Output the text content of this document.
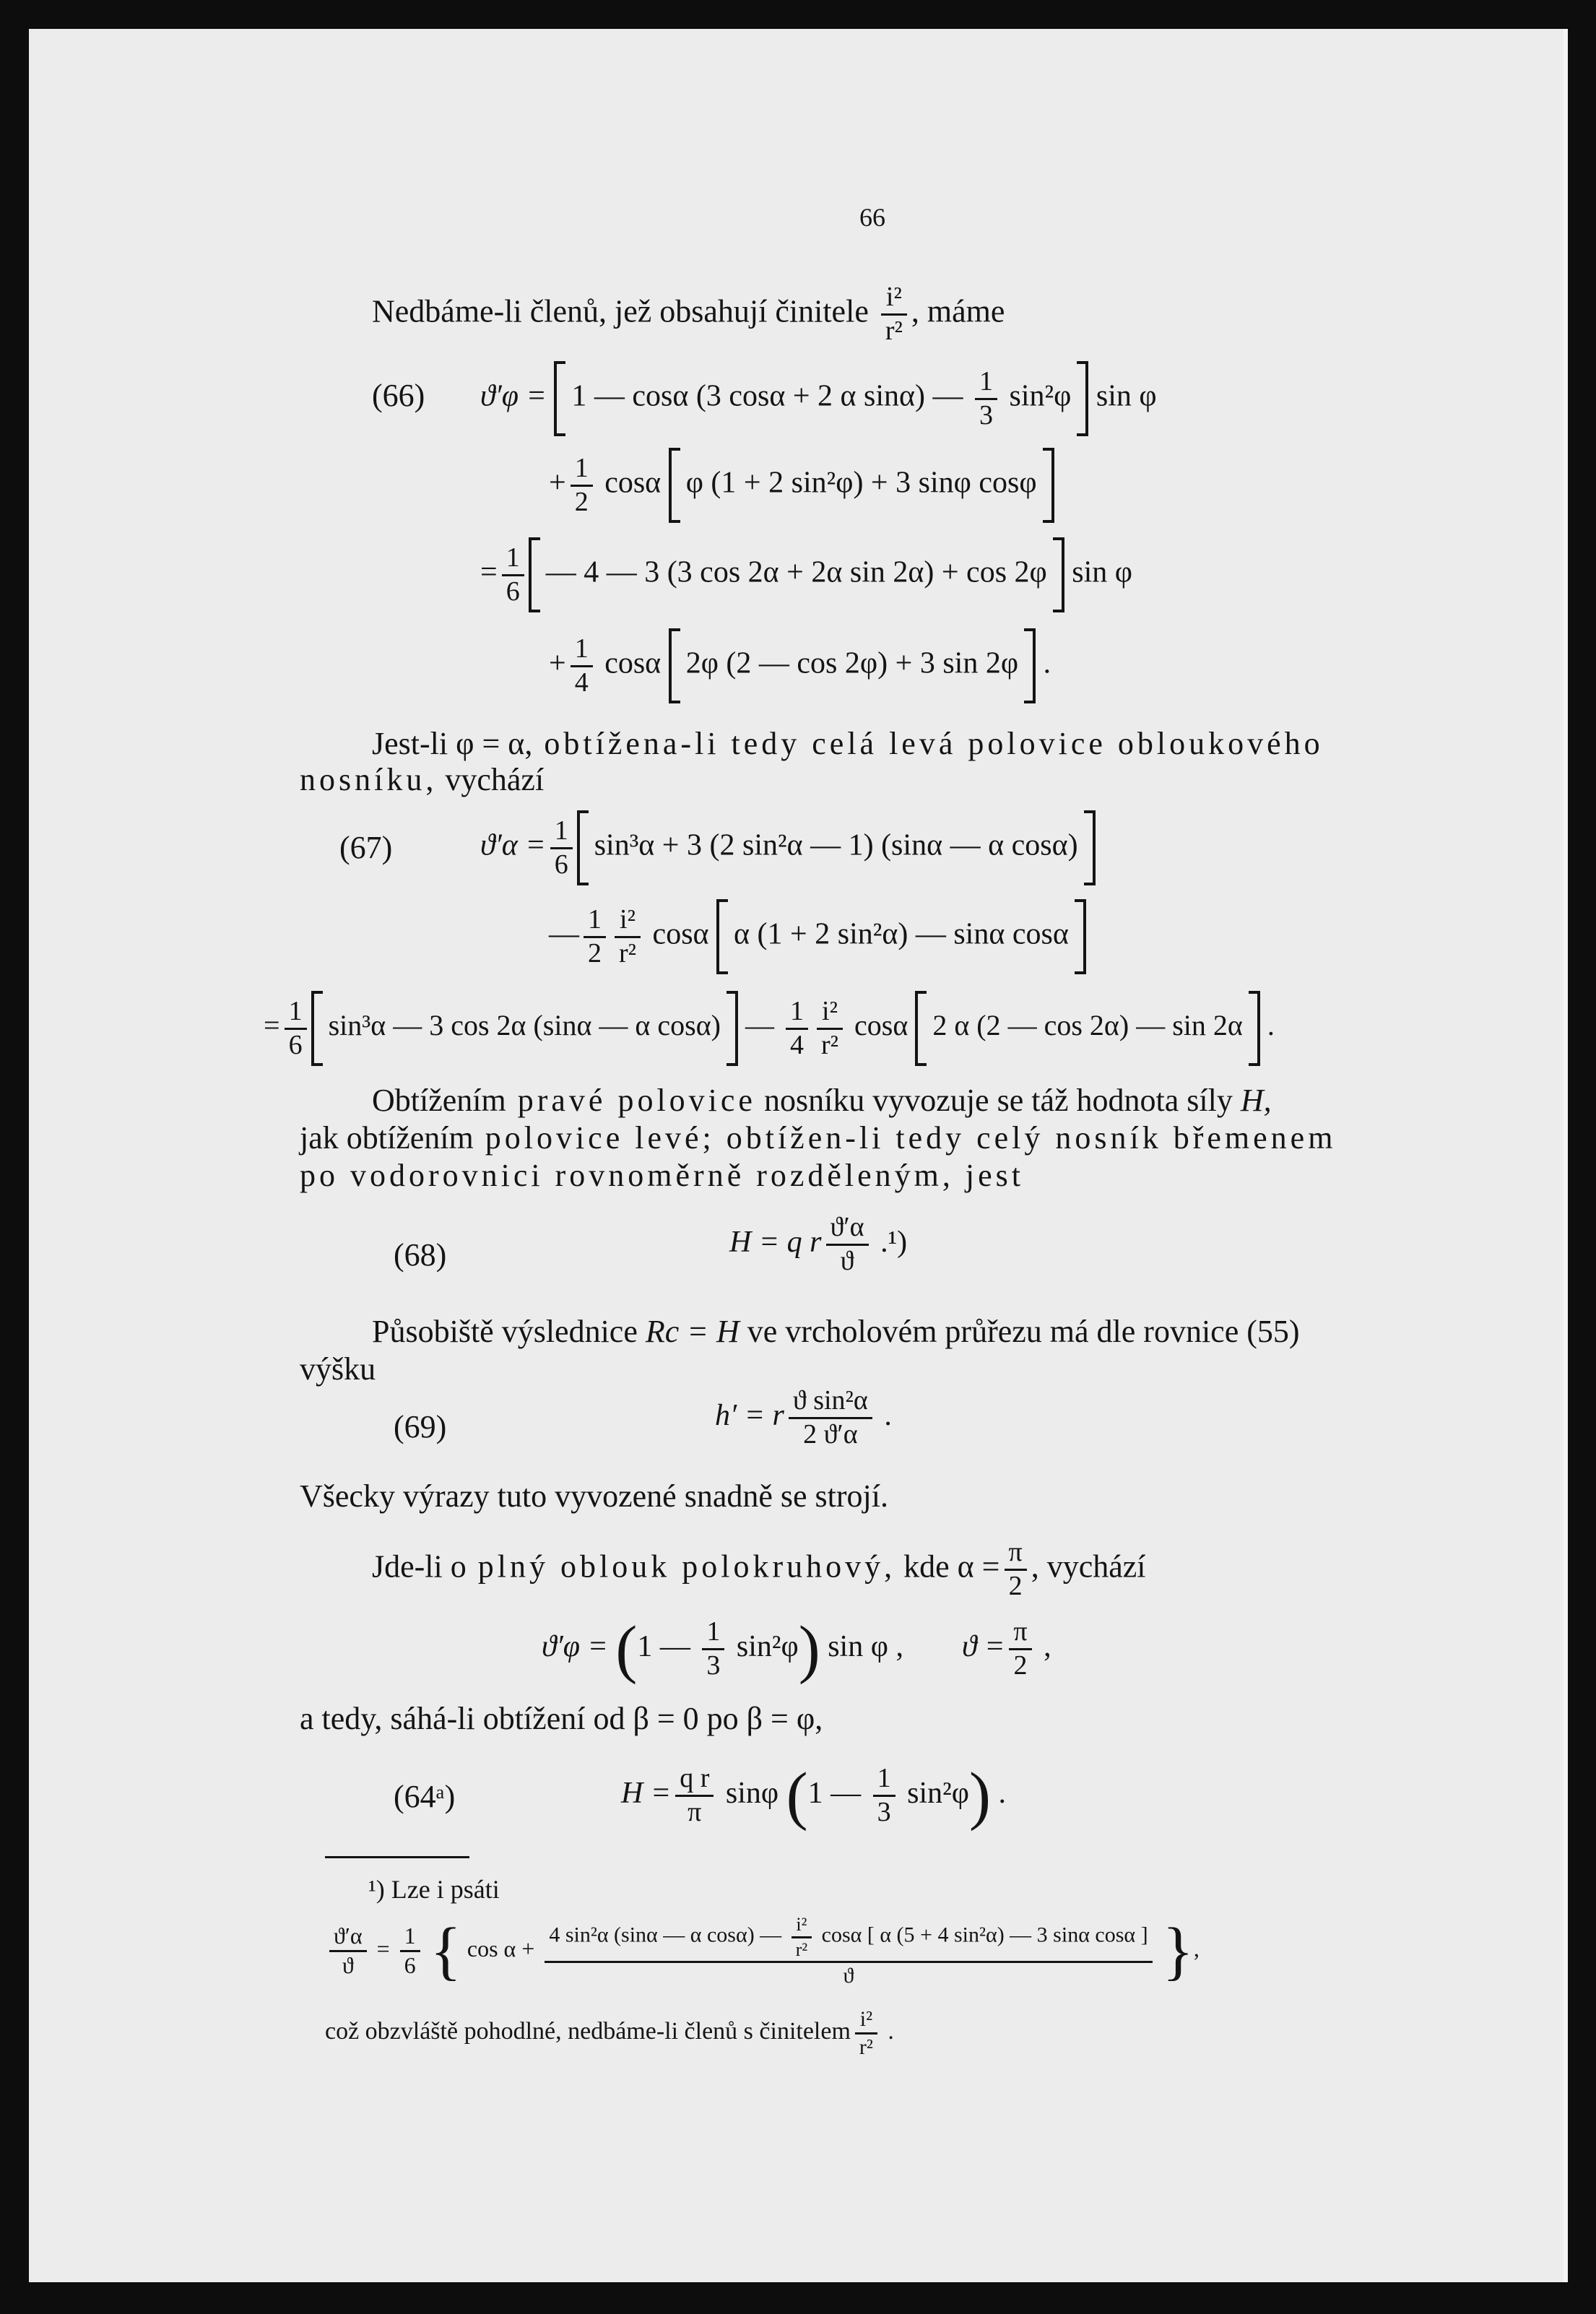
66
Nedbáme-li členů, jež obsahují činitele $\frac{\text{i²}}{\text{r²}}$ , máme
(66) ϑ′φ = 1 — cosα (3 cosα + 2 α sinα) — $\frac{1}{3} \sin^2\varphi$ sin φ
+ $\frac{1}{2}$ cosα φ (1 + 2 sin²φ) + 3 sinφ cosφ
= $\frac{1}{6}$ — 4 — 3 (3 cos 2α + 2α sin 2α) + cos 2φ sin φ
+ $\frac{1}{4}$ cosα 2φ (2 — cos 2φ) + 3 sin 2φ .
Jest-li φ = α, obtížena-li tedy celá levá polovice obloukového
nosníku, vychází
(67)	$ϑ'\alpha = \frac{1}{6} \sin^3\alpha + 3$ (2 sin²α — 1) (sinα — α cosα)
— $\frac{1}{2} \frac{\text{i²}}{\text{r²}}$ cosα α (1 + 2 sin²α) — sinα cosα
= $\frac{1}{6} \sin^3\alpha$ — 3 cos 2α (sinα — α cosα) — $\frac{1}{4} \frac{\text{i²}}{\text{r²}}$ cosα 2 α (2 — cos 2α) — sin 2α .
Obtížením pravé polovice nosníku vyvozuje se táž hodnota síly H,
jak obtížením polovice levé; obtížen-li tedy celý nosník břemenem
po vodorovnici rovnoměrně rozděleným, jest
(68)	H = q r $\frac{ϑ'\alpha}{ϑ} .^1$)
Působiště výslednice Rc = H ve vrcholovém průřezu má dle rovnice (55)
výšku
(69)	h′ = r $\frac{\text{ϑ sin²α}}{2 ϑ'\alpha}$ .
Všecky výrazy tuto vyvozené snadně se strojí.
Jde-li o plný oblouk polokruhový, kde $\alpha = \frac{\pi}{2}$ , vychází
ϑ′φ = (1 — $\frac{1}{3} \sin^2\varphi$) sin φ , $ϑ = \frac{\pi}{2}$ ,
a tedy, sáhá-li obtížení od β = 0 po β = φ,
(64ᵃ)	$H = \frac{\text{q r}}{\pi}$ sinφ (1 — $\frac{1}{3} \sin^2\varphi$) .
¹) Lze i psáti
$\frac{ϑ'\alpha}{ϑ} = \frac{1}{6}$ { cos α +
4 sin²α (sinα — α cosα) — $\frac{\text{i²}}{\text{r²}}$ cosα [ α (5 + 4 sin²α) — 3 sinα cosα ]
ϑ	},
což obzvláště pohodlné, nedbáme-li členů s činitelem $\frac{\text{i²}}{\text{r²}}$ .
